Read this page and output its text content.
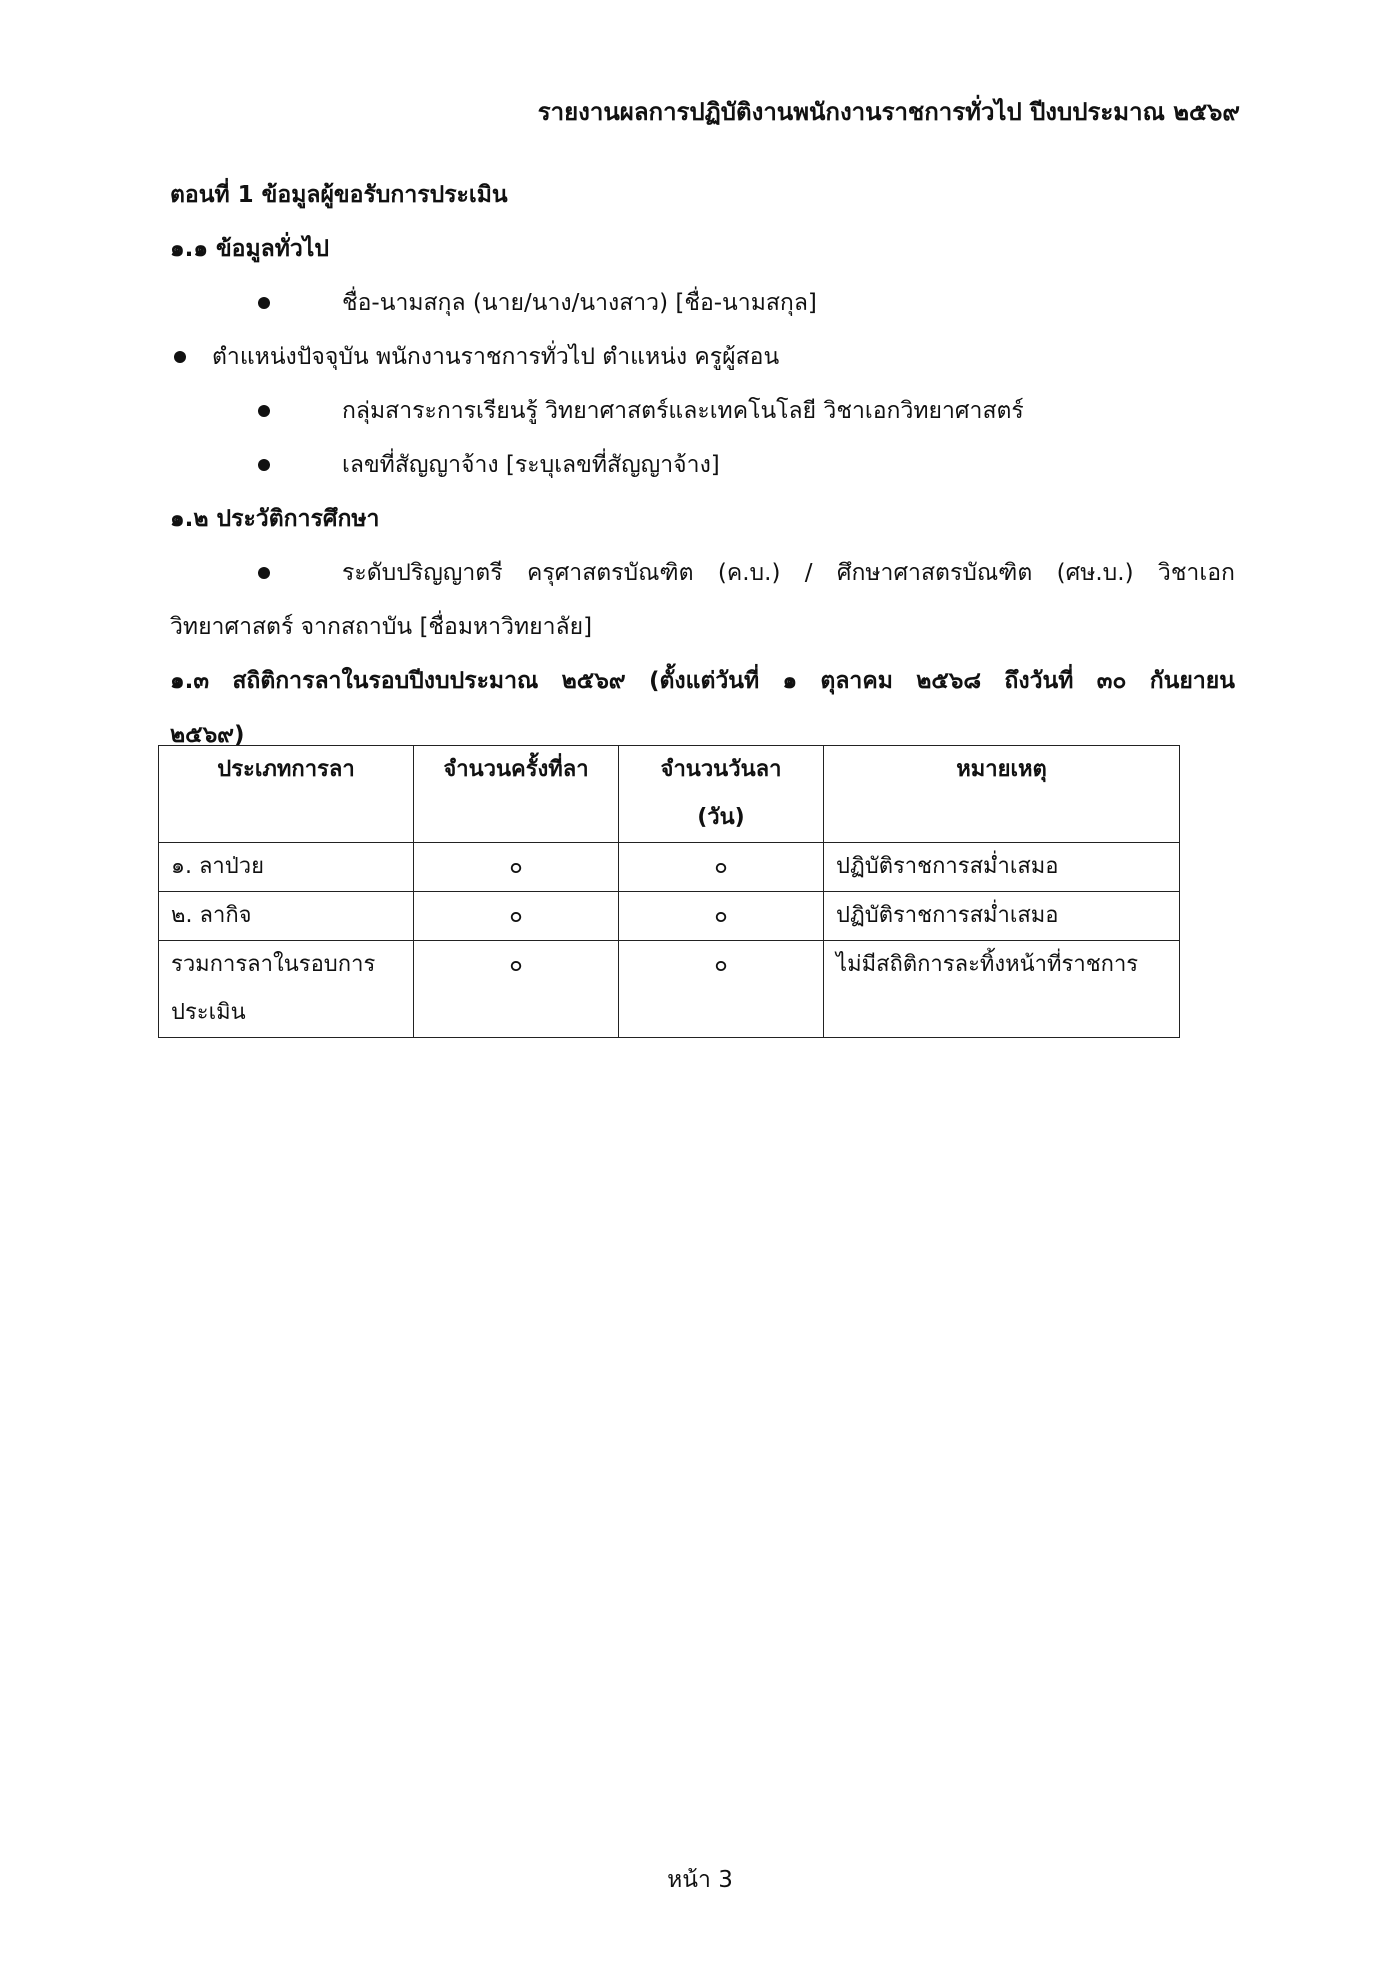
รายงานผลการปฏิบัติงานพนักงานราชการทั่วไป ปีงบประมาณ ๒๕๖๙
ตอนที่ 1 ข้อมูลผู้ขอรับการประเมิน
๑.๑ ข้อมูลทั่วไป
ชื่อ-นามสกุล (นาย/นาง/นางสาว) [ชื่อ-นามสกุล]
ตำแหน่งปัจจุบัน พนักงานราชการทั่วไป ตำแหน่ง ครูผู้สอน
กลุ่มสาระการเรียนรู้ วิทยาศาสตร์และเทคโนโลยี วิชาเอกวิทยาศาสตร์
เลขที่สัญญาจ้าง [ระบุเลขที่สัญญาจ้าง]
๑.๒ ประวัติการศึกษา
ระดับปริญญาตรี ครุศาสตรบัณฑิต (ค.บ.) / ศึกษาศาสตรบัณฑิต (ศษ.บ.) วิชาเอก
วิทยาศาสตร์ จากสถาบัน [ชื่อมหาวิทยาลัย]
๑.๓ สถิติการลาในรอบปีงบประมาณ ๒๕๖๙ (ตั้งแต่วันที่ ๑ ตุลาคม ๒๕๖๘ ถึงวันที่ ๓๐ กันยายน
๒๕๖๙)
ประเภทการลา	จำนวนครั้งที่ลา	จำนวนวันลา
(วัน)	หมายเหตุ
๑. ลาป่วย	๐	๐	ปฏิบัติราชการสม่ำเสมอ
๒. ลากิจ	๐	๐	ปฏิบัติราชการสม่ำเสมอ
รวมการลาในรอบการ
ประเมิน	๐	๐	ไม่มีสถิติการละทิ้งหน้าที่ราชการ
หน้า 3
